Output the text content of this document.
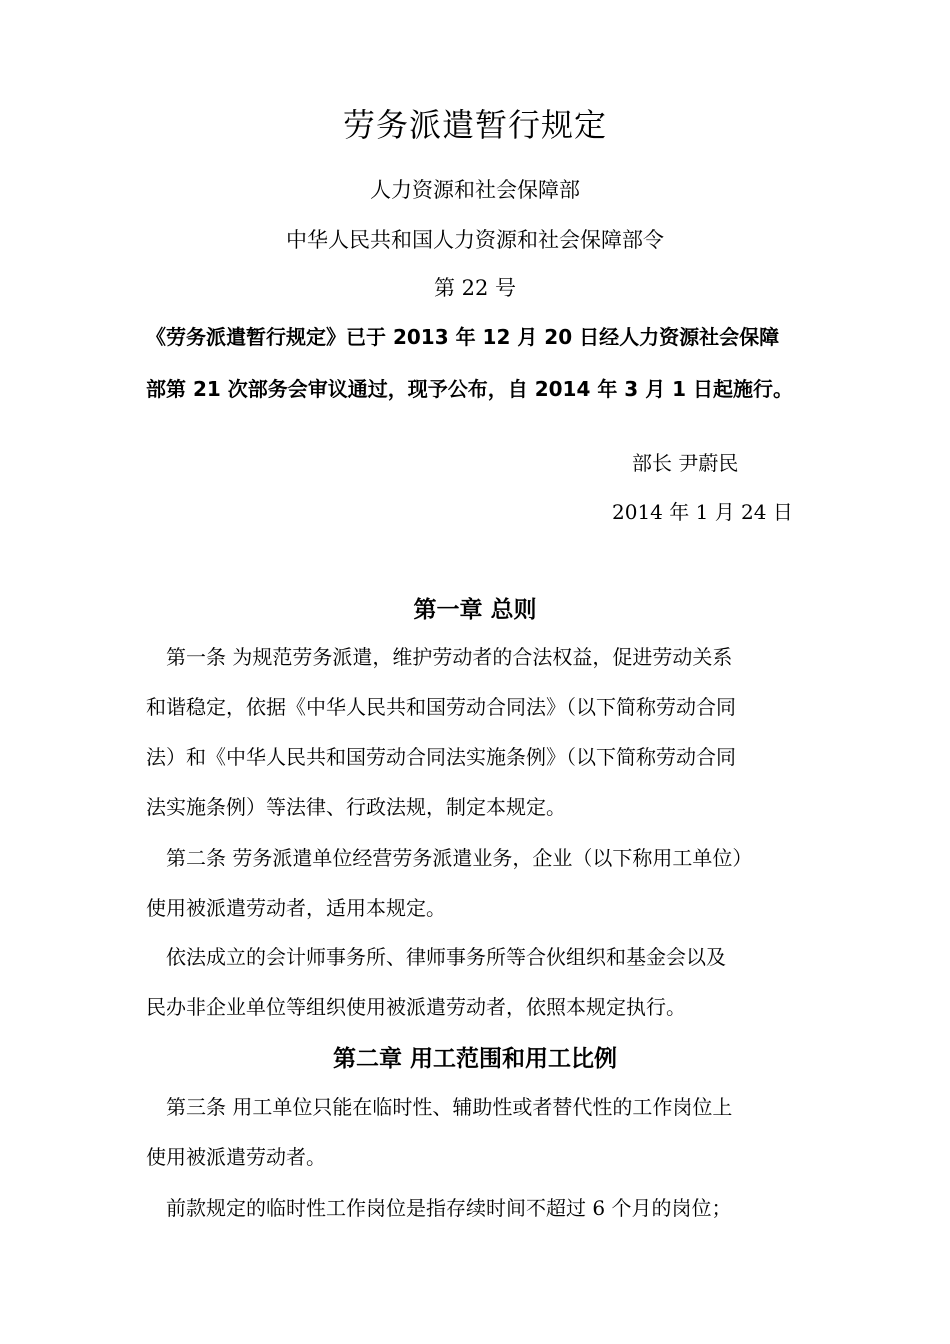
劳务派遣暂行规定
人力资源和社会保障部
中华人民共和国人力资源和社会保障部令
第 22 号
《劳务派遣暂行规定》已于 2013 年 12 月 20 日经人力资源社会保障
部第 21 次部务会审议通过，现予公布，自 2014 年 3 月 1 日起施行。
部长 尹蔚民
2014 年 1 月 24 日
第一章 总则
　第一条 为规范劳务派遣，维护劳动者的合法权益，促进劳动关系
和谐稳定，依据《中华人民共和国劳动合同法》（以下简称劳动合同
法）和《中华人民共和国劳动合同法实施条例》（以下简称劳动合同
法实施条例）等法律、行政法规，制定本规定。
　第二条 劳务派遣单位经营劳务派遣业务，企业（以下称用工单位）
使用被派遣劳动者，适用本规定。
　依法成立的会计师事务所、律师事务所等合伙组织和基金会以及
民办非企业单位等组织使用被派遣劳动者，依照本规定执行。
第二章 用工范围和用工比例
　第三条 用工单位只能在临时性、辅助性或者替代性的工作岗位上
使用被派遣劳动者。
　前款规定的临时性工作岗位是指存续时间不超过 6 个月的岗位；
